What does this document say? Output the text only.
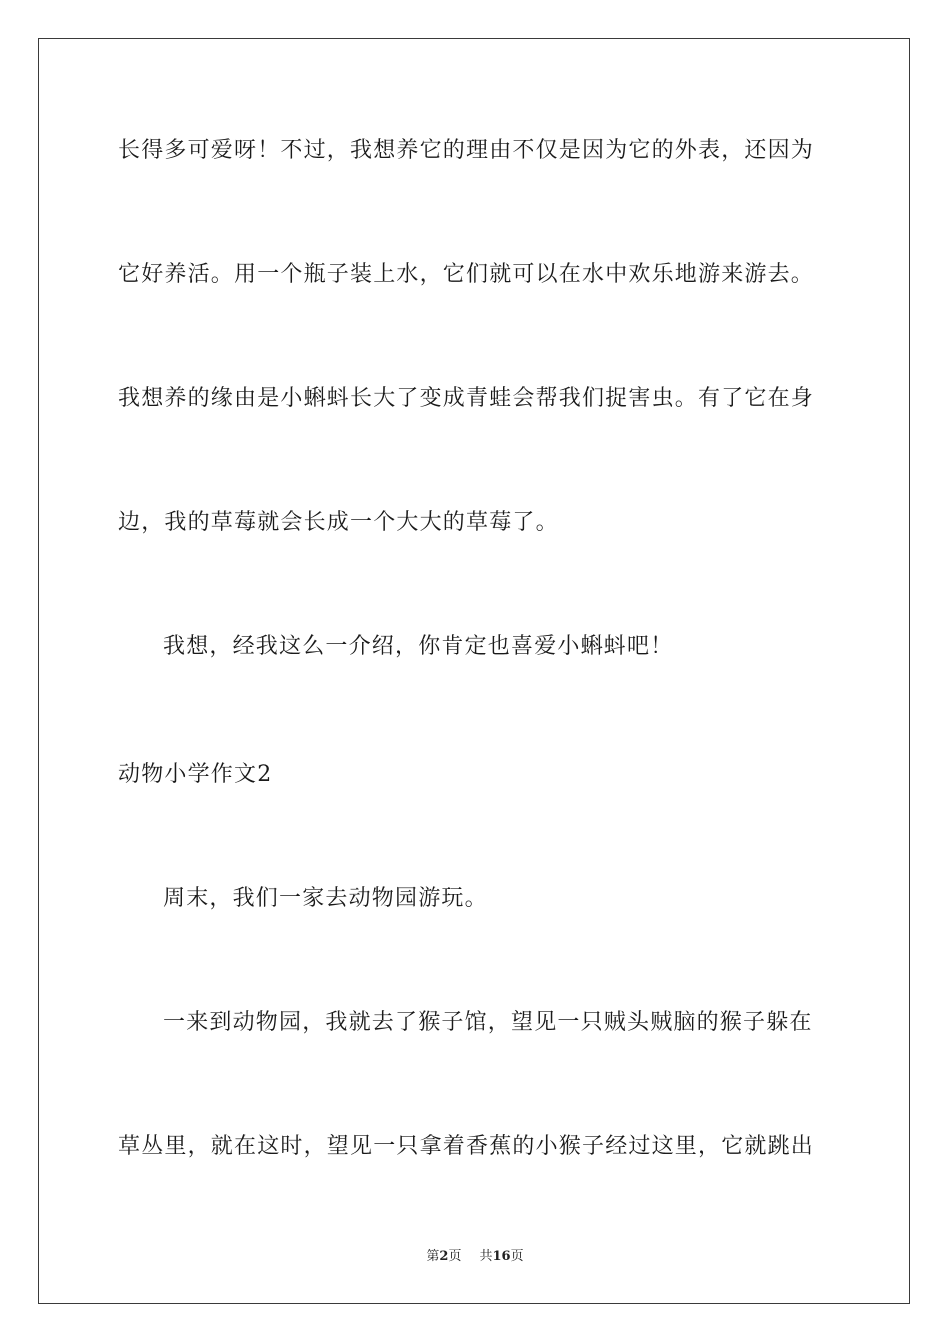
长得多可爱呀！不过，我想养它的理由不仅是因为它的外表，还因为
它好养活。用一个瓶子装上水，它们就可以在水中欢乐地游来游去。
我想养的缘由是小蝌蚪长大了变成青蛙会帮我们捉害虫。有了它在身
边，我的草莓就会长成一个大大的草莓了。
我想，经我这么一介绍，你肯定也喜爱小蝌蚪吧！
动物小学作文2
周末，我们一家去动物园游玩。
一来到动物园，我就去了猴子馆，望见一只贼头贼脑的猴子躲在
草丛里，就在这时，望见一只拿着香蕉的小猴子经过这里，它就跳出
第2页 共16页
